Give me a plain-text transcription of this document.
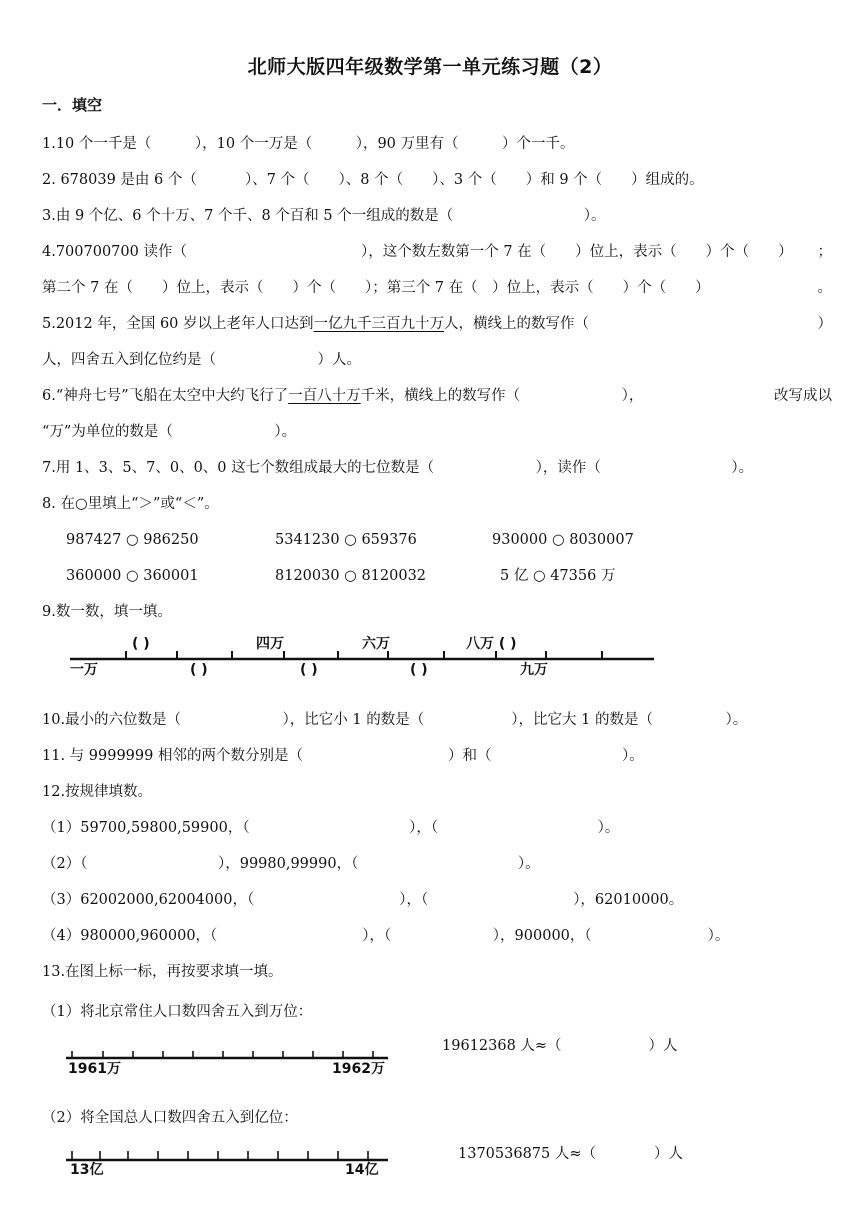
北师大版四年级数学第一单元练习题（2）
一．填空
1.10 个一千是（　　　），10 个一万是（　　　），90 万里有（　　　）个一千。
2. 678039 是由 6 个（　　　 ）、7 个（　　）、8 个（　　）、3 个（　　）和 9 个（　　）组成的。
3.由 9 个亿、6 个十万、7 个千、8 个百和 5 个一组成的数是（　　　　　　　　　）。
4.700700700 读作（　　　　　　　　　　　　），这个数左数第一个 7 在（　　）位上，表示（　　）个（　　） ；
第二个 7 在（　　）位上，表示（　　）个（　　）；第三个 7 在（　）位上，表示（　　）个（　　）	。
5.2012 年，全国 60 岁以上老年人口达到一亿九千三百九十万人，横线上的数写作（　　　　　　　　　　　	）
人，四舍五入到亿位约是（　　　　　　　）人。
6.“神舟七号”飞船在太空中大约飞行了一百八十万千米，横线上的数写作（　　　　　　　），	改写成以
“万”为单位的数是（　　　　　　　）。
7.用 1、3、5、7、0、0、0 这七个数组成最大的七位数是（　　　　　　　），读作（　　　　　　　　　）。
8. 在○里填上“＞”或“＜”。
987427 ○ 986250	5341230 ○ 659376	930000 ○ 8030007
360000 ○ 360001	8120030 ○ 8120032	5 亿 ○ 47356 万
9.数一数，填一填。
( )	四万	六万	八万 ( )
一万	( )	( )	( )	九万
10.最小的六位数是（　　　　　　　），比它小 1 的数是（　　　　　　），比它大 1 的数是（　　　　　）。
11. 与 9999999 相邻的两个数分别是（　　　　　　　　　　）和（　　　　　　　　　）。
12.按规律填数。
（1）59700,59800,59900，（　　　　　　　　　　　），（　　　　　　　　　　　）。
（2）（　　　　　　　　　），99980,99990，（　　　　　　　　　　　）。
（3）62002000,62004000，（　　　　　　　　　　），（　　　　　　　　　　），62010000。
（4）980000,960000，（　　　　　　　　　　），（　　　　　　　），900000，（　　　　　　　　）。
13.在图上标一标，再按要求填一填。
（1）将北京常住人口数四舍五入到万位：
1961万	1962万
19612368 人≈（　　　　　　）人
（2）将全国总人口数四舍五入到亿位：
13亿	14亿
1370536875 人≈（　　　　）人
